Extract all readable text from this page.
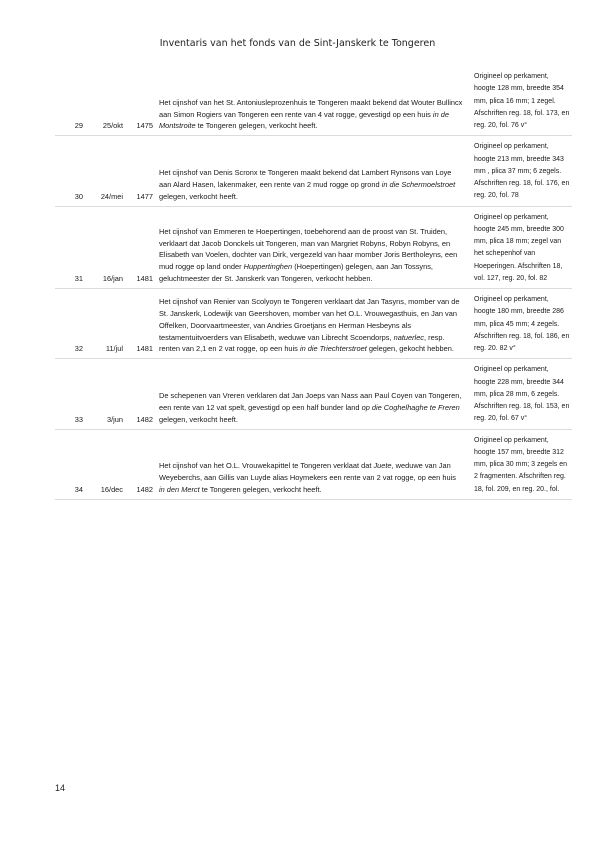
Inventaris van het fonds van de Sint-Janskerk te Tongeren
29	25/okt	1475	Het cijnshof van het St. Antoniusleprozenhuis te Tongeren maakt bekend dat Wouter Bullincx aan Simon Rogiers van Tongeren een rente van 4 vat rogge, gevestigd op een huis in de Montstroite te Tongeren gelegen, verkocht heeft.	Origineel op perkament, hoogte 128 mm, breedte 354 mm, plica 16 mm; 1 zegel. Afschriften reg. 18, fol. 173, en reg. 20, fol. 76 v°
30	24/mei	1477	Het cijnshof van Denis Scronx te Tongeren maakt bekend dat Lambert Rynsons van Loye aan Alard Hasen, lakenmaker, een rente van 2 mud rogge op grond in die Schermoelstroet gelegen, verkocht heeft.	Origineel op perkament, hoogte 213 mm, breedte 343 mm , plica 37 mm; 6 zegels. Afschriften reg. 18, fol. 176, en reg. 20, fol. 78
31	16/jan	1481	Het cijnshof van Emmeren te Hoepertingen, toebehorend aan de proost van St. Truiden, verklaart dat Jacob Donckels uit Tongeren, man van Margriet Robyns, Robyn Robyns, en Elisabeth van Voelen, dochter van Dirk, vergezeld van haar momber Joris Bertholeyns, een mud rogge op land onder Huppertinghen (Hoepertingen) gelegen, aan Jan Tossyns, geluchtmeester der St. Janskerk van Tongeren, verkocht hebben.	Origineel op perkament, hoogte 245 mm, breedte 300 mm, plica 18 mm; zegel van het schepenhof van Hoeperingen. Afschriften 18, vol. 127, reg. 20, fol. 82
32	11/jul	1481	Het cijnshof van Renier van Scolyoyn te Tongeren verklaart dat Jan Tasyns, momber van de St. Janskerk, Lodewijk van Geershoven, momber van het O.L. Vrouwegasthuis, en Jan van Offelken, Doorvaartmeester, van Andries Groetjans en Herman Hesbeyns als testamentuitvoerders van Elisabeth, weduwe van Librecht Scoendorps, natuerlec, resp. renten van 2,1 en 2 vat rogge, op een huis in die Triechterstroet gelegen, gekocht hebben.	Origineel op perkament, hoogte 180 mm, breedte 286 mm, plica 45 mm; 4 zegels. Afschriften reg. 18, fol. 186, en reg. 20. 82 v°
33	3/jun	1482	De schepenen van Vreren verklaren dat Jan Joeps van Nass aan Paul Coyen van Tongeren, een rente van 12 vat spelt, gevestigd op een half bunder land op die Coghelhaghe te Freren gelegen, verkocht heeft.	Origineel op perkament, hoogte 228 mm, breedte 344 mm, plica 28 mm, 6 zegels. Afschriften reg. 18, fol. 153, en reg. 20, fol. 67 v°
34	16/dec	1482	Het cijnshof van het O.L. Vrouwekapittel te Tongeren verklaat dat Juete, weduwe van Jan Weyeberchs, aan Gillis van Luyde alias Hoymekers een rente van 2 vat rogge, op een huis in den Merct te Tongeren gelegen, verkocht heeft.	Origineel op perkament, hoogte 157 mm, breedte 312 mm, plica 30 mm; 3 zegels en 2 fragmenten. Afschriften reg. 18, fol. 209, en reg. 20., fol.
14
